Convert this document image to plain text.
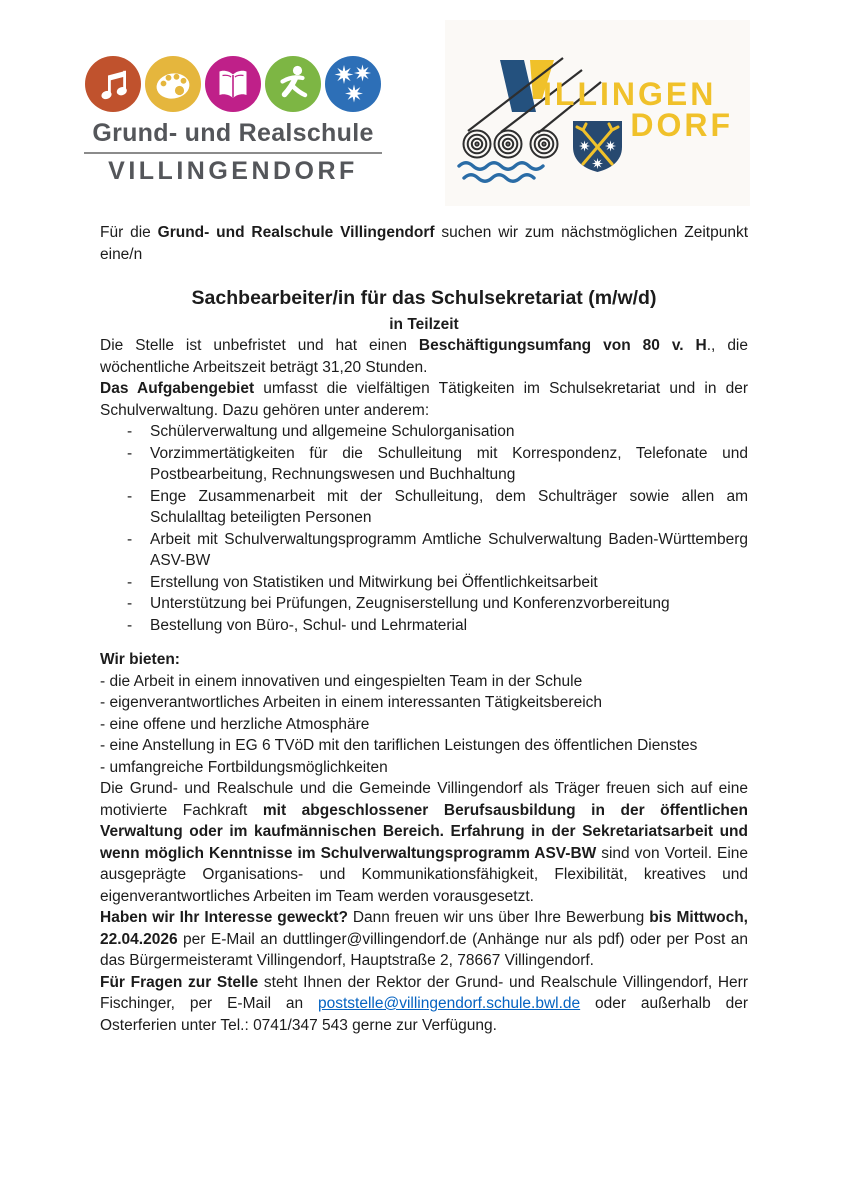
Grund- und Realschule
VILLINGENDORF
ILLINGEN
DORF

Für die Grund- und Realschule Villingendorf suchen wir zum nächstmöglichen Zeitpunkt eine/n

Sachbearbeiter/in für das Schulsekretariat (m/w/d)
in Teilzeit

Die Stelle ist unbefristet und hat einen Beschäftigungsumfang von 80 v. H., die wöchentliche Arbeitszeit beträgt 31,20 Stunden.

Das Aufgabengebiet umfasst die vielfältigen Tätigkeiten im Schulsekretariat und in der Schulverwaltung. Dazu gehören unter anderem:

- Schülerverwaltung und allgemeine Schulorganisation
- Vorzimmertätigkeiten für die Schulleitung mit Korrespondenz, Telefonate und Postbearbeitung, Rechnungswesen und Buchhaltung
- Enge Zusammenarbeit mit der Schulleitung, dem Schulträger sowie allen am Schulalltag beteiligten Personen
- Arbeit mit Schulverwaltungsprogramm Amtliche Schulverwaltung Baden-Württemberg ASV-BW
- Erstellung von Statistiken und Mitwirkung bei Öffentlichkeitsarbeit
- Unterstützung bei Prüfungen, Zeugniserstellung und Konferenzvorbereitung
- Bestellung von Büro-, Schul- und Lehrmaterial
Wir bieten:
- die Arbeit in einem innovativen und eingespielten Team in der Schule
- eigenverantwortliches Arbeiten in einem interessanten Tätigkeitsbereich
- eine offene und herzliche Atmosphäre
- eine Anstellung in EG 6 TVöD mit den tariflichen Leistungen des öffentlichen Dienstes
- umfangreiche Fortbildungsmöglichkeiten

Die Grund- und Realschule und die Gemeinde Villingendorf als Träger freuen sich auf eine motivierte Fachkraft mit abgeschlossener Berufsausbildung in der öffentlichen Verwaltung oder im kaufmännischen Bereich. Erfahrung in der Sekretariatsarbeit und wenn möglich Kenntnisse im Schulverwaltungsprogramm ASV-BW sind von Vorteil. Eine ausgeprägte Organisations- und Kommunikationsfähigkeit, Flexibilität, kreatives und eigenverantwortliches Arbeiten im Team werden vorausgesetzt.

Haben wir Ihr Interesse geweckt? Dann freuen wir uns über Ihre Bewerbung bis Mittwoch, 22.04.2026 per E-Mail an duttlinger@villingendorf.de (Anhänge nur als pdf) oder per Post an das Bürgermeisteramt Villingendorf, Hauptstraße 2, 78667 Villingendorf.

Für Fragen zur Stelle steht Ihnen der Rektor der Grund- und Realschule Villingendorf, Herr Fischinger, per E-Mail an poststelle@villingendorf.schule.bwl.de oder außerhalb der Osterferien unter Tel.: 0741/347 543 gerne zur Verfügung.
